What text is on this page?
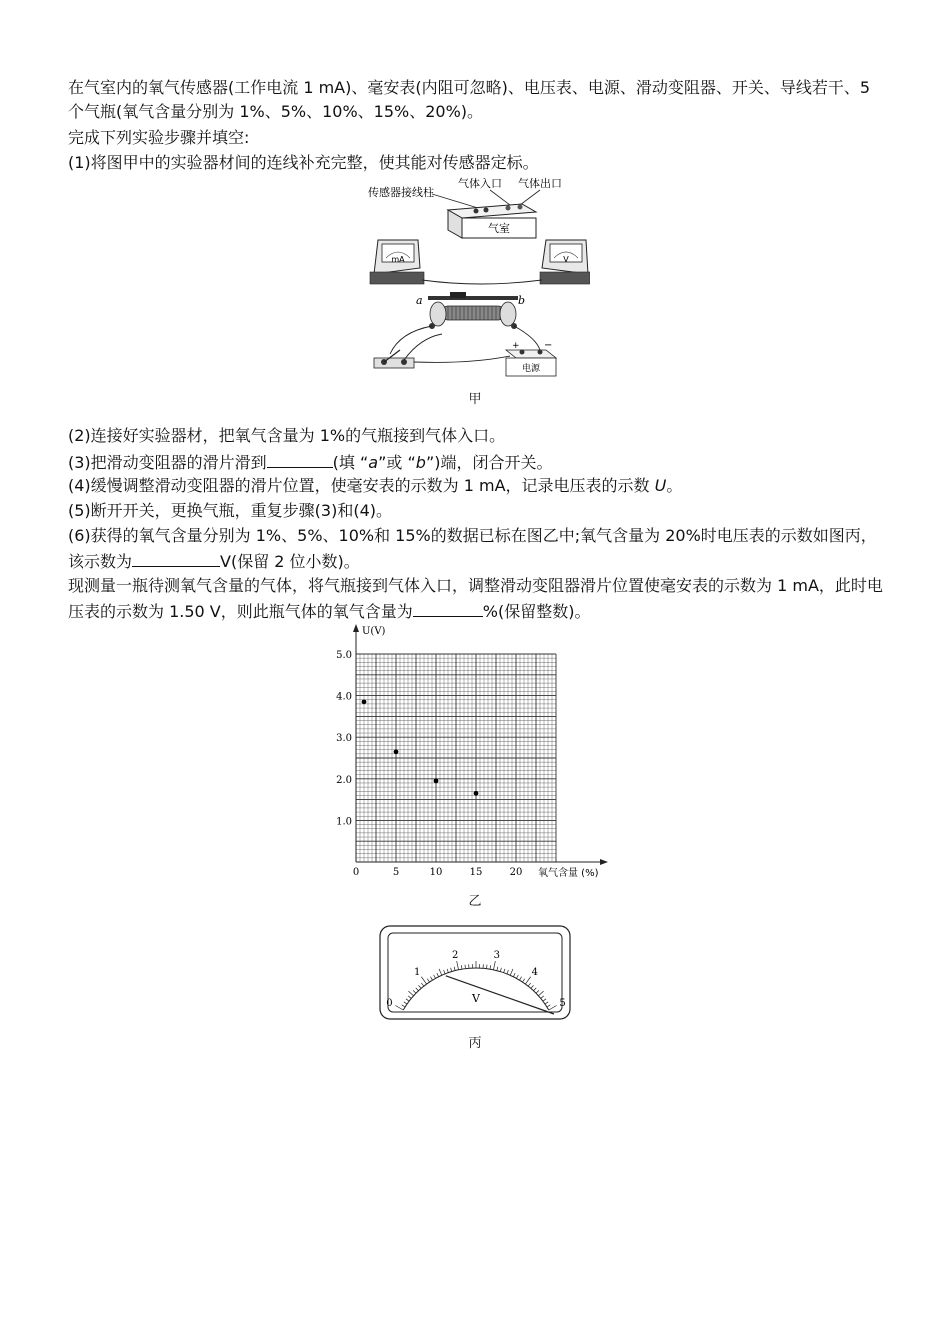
在气室内的氧气传感器(工作电流 1 mA)、毫安表(内阻可忽略)、电压表、电源、滑动变阻器、开关、导线若干、5 个气瓶(氧气含量分别为 1%、5%、10%、15%、20%)。

完成下列实验步骤并填空:

(1)将图甲中的实验器材间的连线补充完整，使其能对传感器定标。

传感器接线柱
气体入口 气体出口
气室
mA	V
a	b
电源
+ −
甲

(2)连接好实验器材，把氧气含量为 1%的气瓶接到气体入口。

(3)把滑动变阻器的滑片滑到	(填 “a”或 “b”)端，闭合开关。

(4)缓慢调整滑动变阻器的滑片位置，使毫安表的示数为 1 mA，记录电压表的示数 U。

(5)断开开关，更换气瓶，重复步骤(3)和(4)。

(6)获得的氧气含量分别为 1%、5%、10%和 15%的数据已标在图乙中;氧气含量为 20%时电压表的示数如图丙，该示数为	V(保留 2 位小数)。

现测量一瓶待测氧气含量的气体，将气瓶接到气体入口，调整滑动变阻器滑片位置使毫安表的示数为 1 mA，此时电压表的示数为 1.50 V，则此瓶气体的氧气含量为	%(保留整数)。

U(V)
氧气含量 (%)
0	5	10	15	20
1.0
2.0
3.0
4.0
5.0
乙
0
1
2	3
4
5
V
丙
